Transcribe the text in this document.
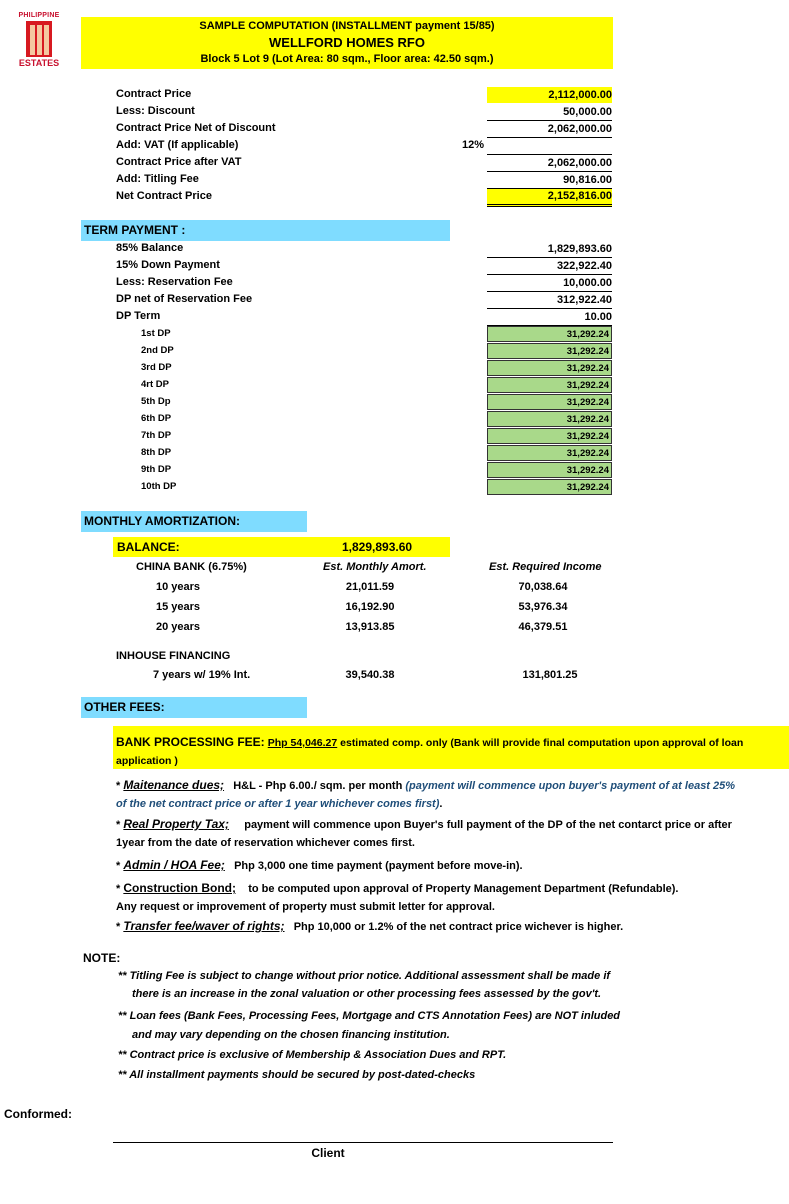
PHILIPPINE
ESTATES
SAMPLE COMPUTATION (INSTALLMENT payment 15/85)
WELLFORD HOMES RFO
Block 5 Lot 9 (Lot Area: 80 sqm., Floor area: 42.50 sqm.)
Contract Price	2,112,000.00
Less: Discount	50,000.00
Contract Price Net of Discount	2,062,000.00
Add: VAT (If applicable)	12%
Contract Price after VAT	2,062,000.00
Add: Titling Fee	90,816.00
Net Contract Price	2,152,816.00
TERM PAYMENT :
85% Balance	1,829,893.60
15% Down Payment	322,922.40
Less: Reservation Fee	10,000.00
DP net of Reservation Fee	312,922.40
DP Term	10.00
1st DP	31,292.24
2nd DP	31,292.24
3rd DP	31,292.24
4rt DP	31,292.24
5th Dp	31,292.24
6th DP	31,292.24
7th DP	31,292.24
8th DP	31,292.24
9th DP	31,292.24
10th DP	31,292.24
MONTHLY AMORTIZATION:
BALANCE:	1,829,893.60
CHINA BANK (6.75%)	Est. Monthly Amort.	Est. Required Income
10 years	21,011.59	70,038.64
15 years	16,192.90	53,976.34
20 years	13,913.85	46,379.51
INHOUSE FINANCING
7 years w/ 19% Int.	39,540.38	131,801.25
OTHER FEES:
BANK PROCESSING FEE: Php 54,046.27 estimated comp. only (Bank will provide final computation upon approval of loan
application )
* Maitenance dues; H&L - Php 6.00./ sqm. per month (payment will commence upon buyer's payment of at least 25%
of the net contract price or after 1 year whichever comes first).
* Real Property Tax; payment will commence upon Buyer's full payment of the DP of the net contarct price or after
1year from the date of reservation whichever comes first.
* Admin / HOA Fee; Php 3,000 one time payment (payment before move-in).
* Construction Bond; to be computed upon approval of Property Management Department (Refundable).
Any request or improvement of property must submit letter for approval.
* Transfer fee/waver of rights; Php 10,000 or 1.2% of the net contract price wichever is higher.
NOTE:
** Titling Fee is subject to change without prior notice. Additional assessment shall be made if
there is an increase in the zonal valuation or other processing fees assessed by the gov't.
** Loan fees (Bank Fees, Processing Fees, Mortgage and CTS Annotation Fees) are NOT inluded
and may vary depending on the chosen financing institution.
** Contract price is exclusive of Membership & Association Dues and RPT.
** All installment payments should be secured by post-dated-checks
Conformed:
Client
